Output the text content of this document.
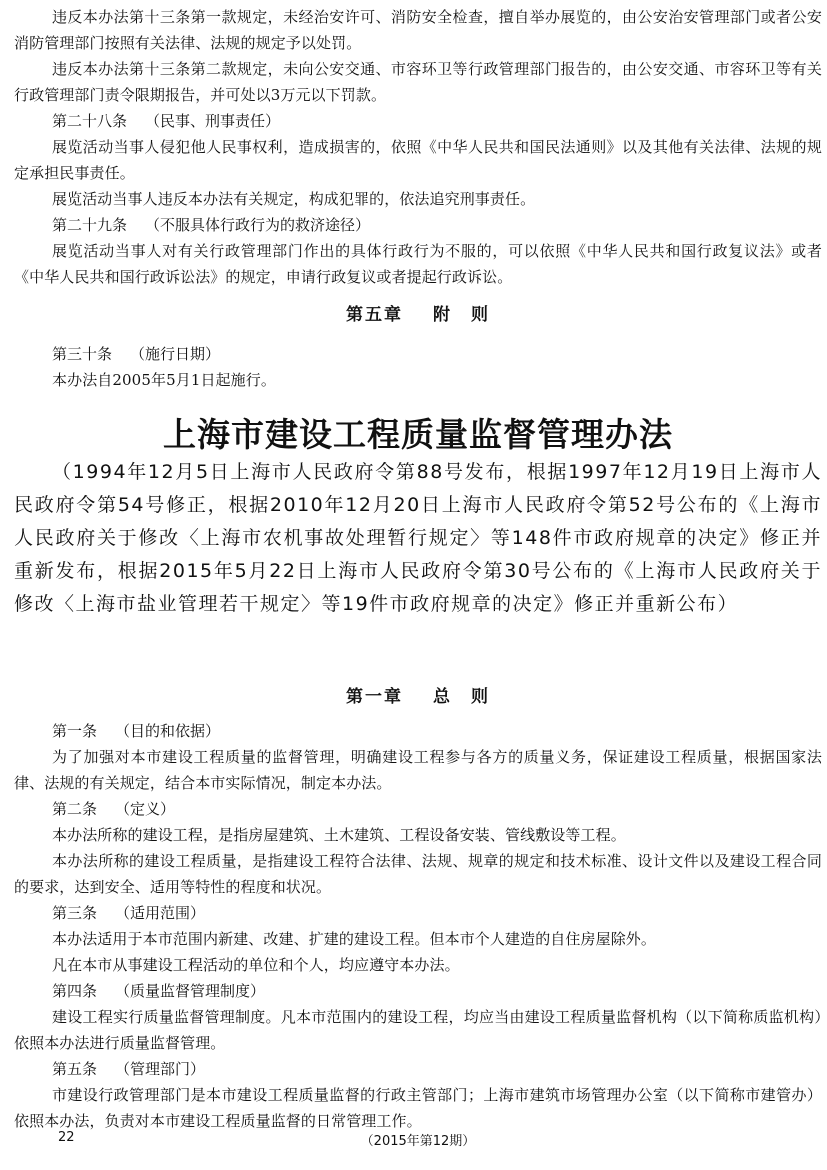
违反本办法第十三条第一款规定，未经治安许可、消防安全检查，擅自举办展览的，由公安治安管理部门或者公安消防管理部门按照有关法律、法规的规定予以处罚。

违反本办法第十三条第二款规定，未向公安交通、市容环卫等行政管理部门报告的，由公安交通、市容环卫等有关行政管理部门责令限期报告，并可处以3万元以下罚款。

第二十八条 （民事、刑事责任）

展览活动当事人侵犯他人民事权利，造成损害的，依照《中华人民共和国民法通则》以及其他有关法律、法规的规定承担民事责任。

展览活动当事人违反本办法有关规定，构成犯罪的，依法追究刑事责任。

第二十九条 （不服具体行政行为的救济途径）

展览活动当事人对有关行政管理部门作出的具体行政行为不服的，可以依照《中华人民共和国行政复议法》或者《中华人民共和国行政诉讼法》的规定，申请行政复议或者提起行政诉讼。

第五章 附　则

第三十条 （施行日期）

本办法自2005年5月1日起施行。

上海市建设工程质量监督管理办法

（1994年12月5日上海市人民政府令第88号发布，根据1997年12月19日上海市人民政府令第54号修正，根据2010年12月20日上海市人民政府令第52号公布的《上海市人民政府关于修改〈上海市农机事故处理暂行规定〉等148件市政府规章的决定》修正并重新发布，根据2015年5月22日上海市人民政府令第30号公布的《上海市人民政府关于修改〈上海市盐业管理若干规定〉等19件市政府规章的决定》修正并重新公布）

第一章 总　则

第一条 （目的和依据）

为了加强对本市建设工程质量的监督管理，明确建设工程参与各方的质量义务，保证建设工程质量，根据国家法律、法规的有关规定，结合本市实际情况，制定本办法。

第二条 （定义）

本办法所称的建设工程，是指房屋建筑、土木建筑、工程设备安装、管线敷设等工程。

本办法所称的建设工程质量，是指建设工程符合法律、法规、规章的规定和技术标准、设计文件以及建设工程合同的要求，达到安全、适用等特性的程度和状况。

第三条 （适用范围）

本办法适用于本市范围内新建、改建、扩建的建设工程。但本市个人建造的自住房屋除外。

凡在本市从事建设工程活动的单位和个人，均应遵守本办法。

第四条 （质量监督管理制度）

建设工程实行质量监督管理制度。凡本市范围内的建设工程，均应当由建设工程质量监督机构（以下简称质监机构）依照本办法进行质量监督管理。

第五条 （管理部门）

市建设行政管理部门是本市建设工程质量监督的行政主管部门；上海市建筑市场管理办公室（以下简称市建管办）依照本办法，负责对本市建设工程质量监督的日常管理工作。

22	（2015年第12期）
